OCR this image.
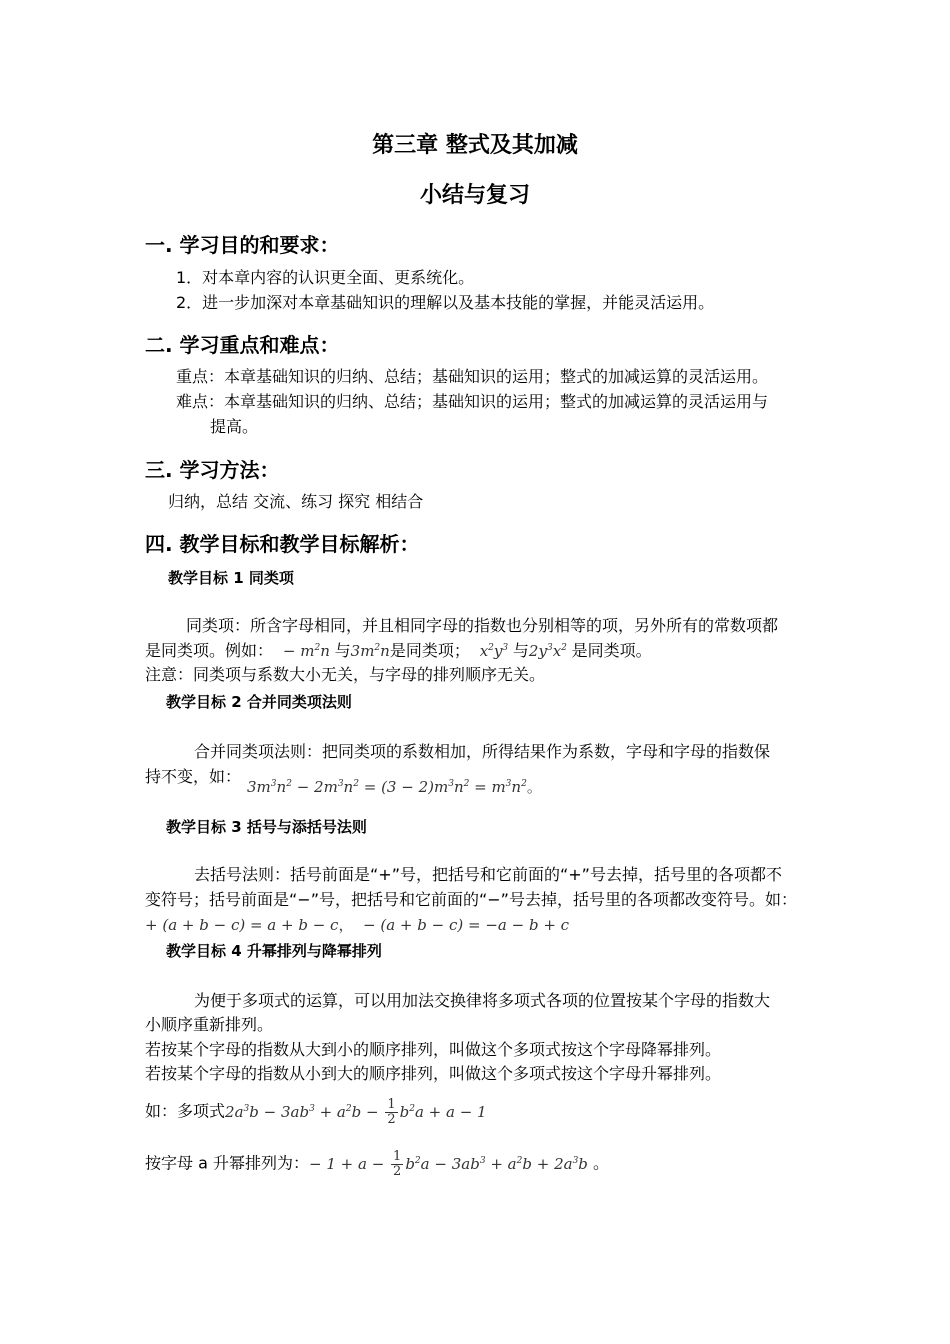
第三章 整式及其加减
小结与复习
一. 学习目的和要求：
1．对本章内容的认识更全面、更系统化。
2．进一步加深对本章基础知识的理解以及基本技能的掌握，并能灵活运用。
二. 学习重点和难点：
重点：本章基础知识的归纳、总结；基础知识的运用；整式的加减运算的灵活运用。
难点：本章基础知识的归纳、总结；基础知识的运用；整式的加减运算的灵活运用与
提高。
三. 学习方法：
归纳，总结 交流、练习 探究 相结合
四. 教学目标和教学目标解析：
教学目标 1 同类项
同类项：所含字母相同，并且相同字母的指数也分别相等的项，另外所有的常数项都
是同类项。例如：  − $m^2n$ 与$3m^2n$是同类项；  $x^2y^3$ 与$2y^3x^2$ 是同类项。
注意：同类项与系数大小无关，与字母的排列顺序无关。
教学目标 2 合并同类项法则
合并同类项法则：把同类项的系数相加，所得结果作为系数，字母和字母的指数保
持不变，如：
$3m^3n^2 - 2m^3n^2 = (3 - 2)m^3n^2 = m^3n^2$。
教学目标 3 括号与添括号法则
去括号法则：括号前面是“+”号，把括号和它前面的“+”号去掉，括号里的各项都不
变符号；括号前面是“−”号，把括号和它前面的“−”号去掉，括号里的各项都改变符号。如：
+ (a + b − c) = a + b − c， − (a + b − c) = −a − b + c
教学目标 4 升幂排列与降幂排列
为便于多项式的运算，可以用加法交换律将多项式各项的位置按某个字母的指数大
小顺序重新排列。
若按某个字母的指数从大到小的顺序排列，叫做这个多项式按这个字母降幂排列。
若按某个字母的指数从小到大的顺序排列，叫做这个多项式按这个字母升幂排列。
如：多项式$2a^3b - 3ab^3 + a^2b - \frac{1}{2} b^2a + a - 1$
按字母 a 升幂排列为：− $1 + a - \frac{1}{2} b^2a - 3ab^3 + a^2b + 2a^3b$ 。
